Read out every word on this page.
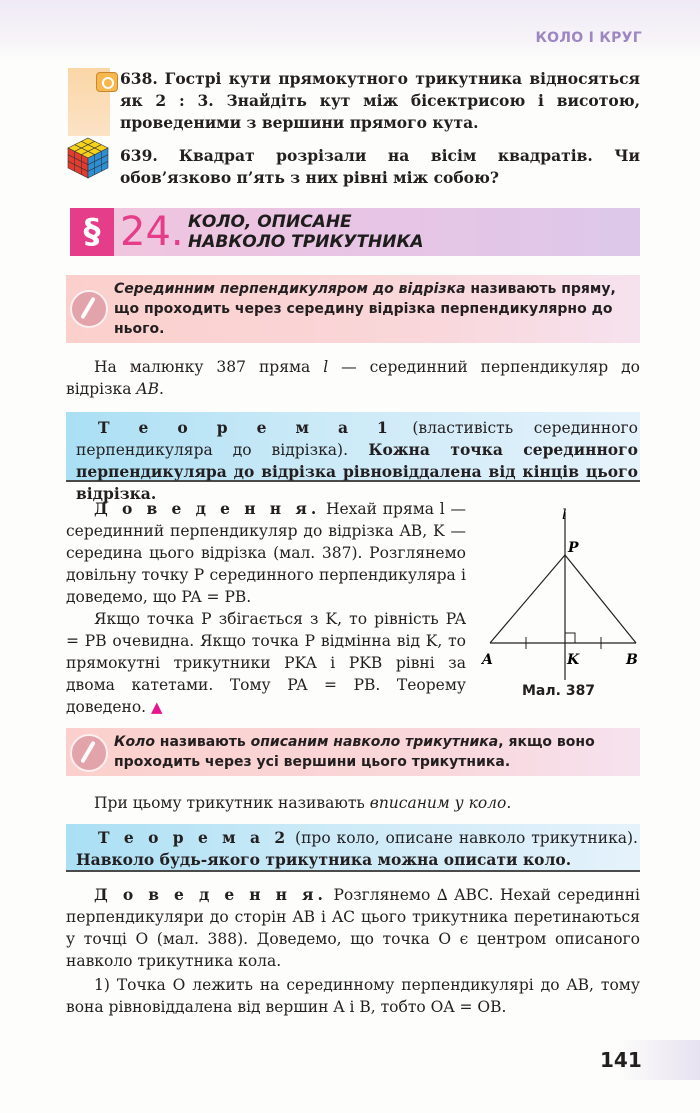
КОЛО І КРУГ

638. Гострі кути прямокутного трикутника відносяться як 2 : 3. Знайдіть кут між бісектрисою і висотою, проведеними з вершини прямого кута.

639. Квадрат розрізали на вісім квадратів. Чи обов’язково п’ять з них рівні між собою?

§ 24. КОЛО, ОПИСАНЕ
НАВКОЛО ТРИКУТНИКА
Серединним перпендикуляром до відрізка називають пряму, що проходить через середину відрізка перпендикулярно до нього.

На малюнку 387 пряма l — серединний перпендикуляр до відрізка AB.

Т е о р е м а 1 (властивість серединного перпендикуляра до відрізка). Кожна точка серединного перпендикуляра до відрізка рівновіддалена від кінців цього відрізка.

Д о в е д е н н я. Нехай пряма l — серединний перпендикуляр до відрізка AB, K — середина цього відрізка (мал. 387). Розглянемо довільну точку P серединного перпендикуляра і доведемо, що PA = PB.

Якщо точка P збігається з K, то рівність PA = PB очевидна. Якщо точка P відмінна від K, то прямокутні трикутники PKA і PKB рівні за двома катетами. Тому PA = PB. Теорему доведено. ▲

l
P
A	K	B
Мал. 387
Коло називають описаним навколо трикутника, якщо воно проходить через усі вершини цього трикутника.

При цьому трикутник називають вписаним у коло.

Т е о р е м а 2 (про коло, описане навколо трикутника). Навколо будь-якого трикутника можна описати коло.

Д о в е д е н н я. Розглянемо ∆ ABC. Нехай серединні перпендикуляри до сторін AB і AC цього трикутника перетинаються у точці O (мал. 388). Доведемо, що точка O є центром описаного навколо трикутника кола.

1) Точка O лежить на серединному перпендикулярі до AB, тому вона рівновіддалена від вершин A і B, тобто OA = OB.

141
